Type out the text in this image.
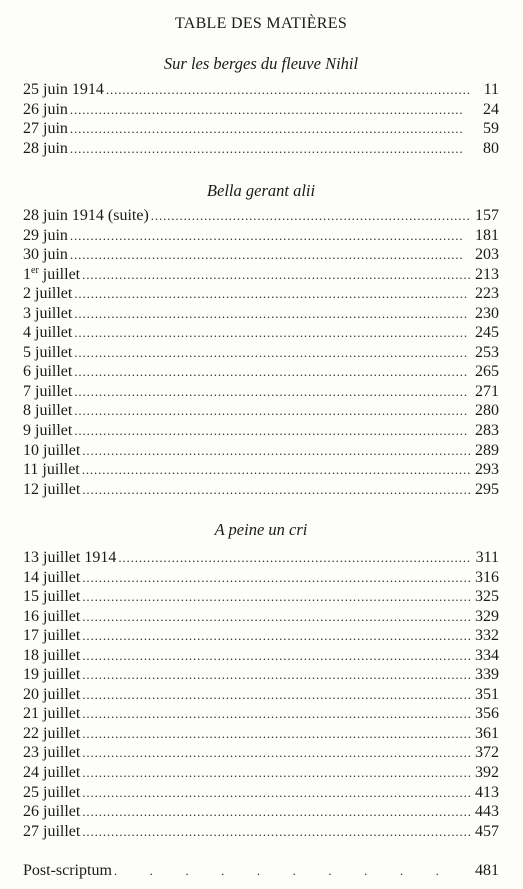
TABLE DES MATIÈRES
Sur les berges du fleuve Nihil
25 juin 1914 . . .	11
26 juin . . .	24
27 juin . . .	59
28 juin . . .	80
Bella gerant alii
28 juin 1914 (suite) . . .	157
29 juin . . .	181
30 juin . . .	203
1er juillet . . .	213
2 juillet . . .	223
3 juillet . . .	230
4 juillet . . .	245
5 juillet . . .	253
6 juillet . . .	265
7 juillet . . .	271
8 juillet . . .	280
9 juillet . . .	283
10 juillet . . .	289
11 juillet . . .	293
12 juillet . . .	295
A peine un cri
13 juillet 1914 . . .	311
14 juillet . . .	316
15 juillet . . .	325
16 juillet . . .	329
17 juillet . . .	332
18 juillet . . .	334
19 juillet . . .	339
20 juillet . . .	351
21 juillet . . .	356
22 juillet . . .	361
23 juillet . . .	372
24 juillet . . .	392
25 juillet . . .	413
26 juillet . . .	443
27 juillet . . .	457
Post-scriptum .	481
